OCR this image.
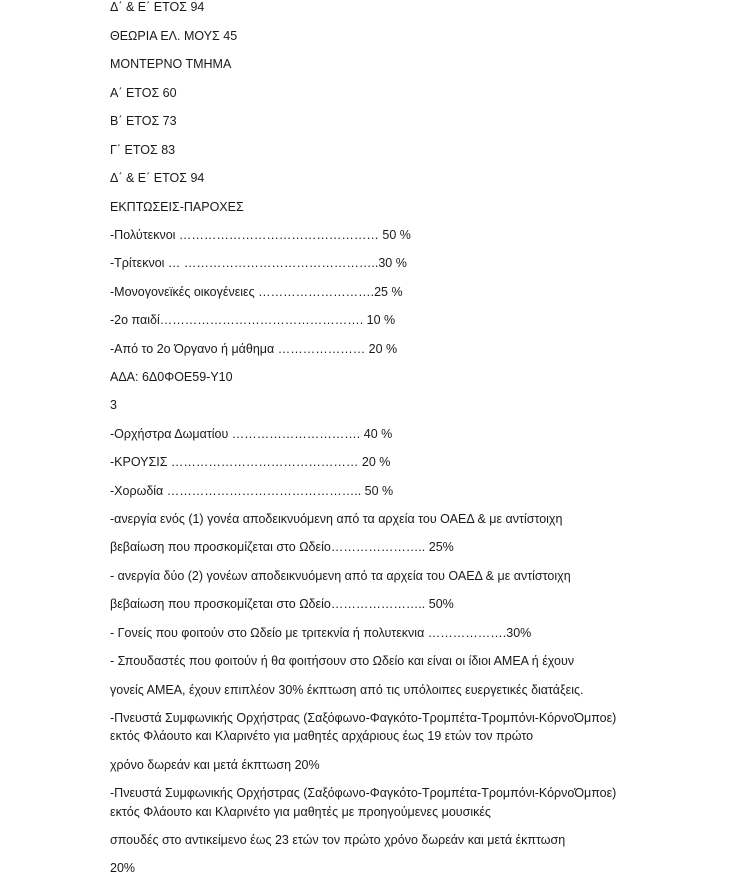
Δ΄ & Ε΄ ΕΤΟΣ 94
ΘΕΩΡΙΑ ΕΛ. ΜΟΥΣ 45
ΜΟΝΤΕΡΝΟ ΤΜΗΜΑ
Α΄ ΕΤΟΣ 60
Β΄ ΕΤΟΣ 73
Γ΄ ΕΤΟΣ 83
Δ΄ & Ε΄ ΕΤΟΣ 94
ΕΚΠΤΩΣΕΙΣ-ΠΑΡΟΧΕΣ
-Πολύτεκνοι ………………………………………… 50 %
-Τρίτεκνοι … ………………………………………..30 %
-Μονογονεϊκές οικογένειες ……………………….25 %
-2ο παιδί…………………………………………. 10 %
-Από το 2ο Όργανο ή μάθημα ………………… 20 %
ΑΔΑ: 6Δ0ΦΟΕ59-Υ10
3
-Ορχήστρα Δωματίου …………………………. 40 %
-ΚΡΟΥΣΙΣ ……………………………………… 20 %
-Χορωδία ……………………………………….. 50 %
-ανεργία ενός (1) γονέα αποδεικνυόμενη από τα αρχεία του ΟΑΕΔ & με αντίστοιχη
βεβαίωση που προσκομίζεται στο Ωδείο………………….. 25%
- ανεργία δύο (2) γονέων αποδεικνυόμενη από τα αρχεία του ΟΑΕΔ & με αντίστοιχη
βεβαίωση που προσκομίζεται στο Ωδείο………………….. 50%
- Γονείς που φοιτούν στο Ωδείο με τριτεκνία ή πολυτεκνια ……………….30%
- Σπουδαστές που φοιτούν ή θα φοιτήσουν στο Ωδείο και είναι οι ίδιοι ΑΜΕΑ ή έχουν
γονείς ΑΜΕΑ, έχουν επιπλέον 30% έκπτωση από τις υπόλοιπες ευεργετικές διατάξεις.
-Πνευστά Συμφωνικής Ορχήστρας (Σαξόφωνο-Φαγκότο-Τρομπέτα-Τρομπόνι-ΚόρνοΌμποε)
εκτός Φλάουτο και Κλαρινέτο για μαθητές αρχάριους έως 19 ετών τον πρώτο
χρόνο δωρεάν και μετά έκπτωση 20%
-Πνευστά Συμφωνικής Ορχήστρας (Σαξόφωνο-Φαγκότο-Τρομπέτα-Τρομπόνι-ΚόρνοΌμποε)
εκτός Φλάουτο και Κλαρινέτο για μαθητές με προηγούμενες μουσικές
σπουδές στο αντικείμενο έως 23 ετών τον πρώτο χρόνο δωρεάν και μετά έκπτωση
20%
